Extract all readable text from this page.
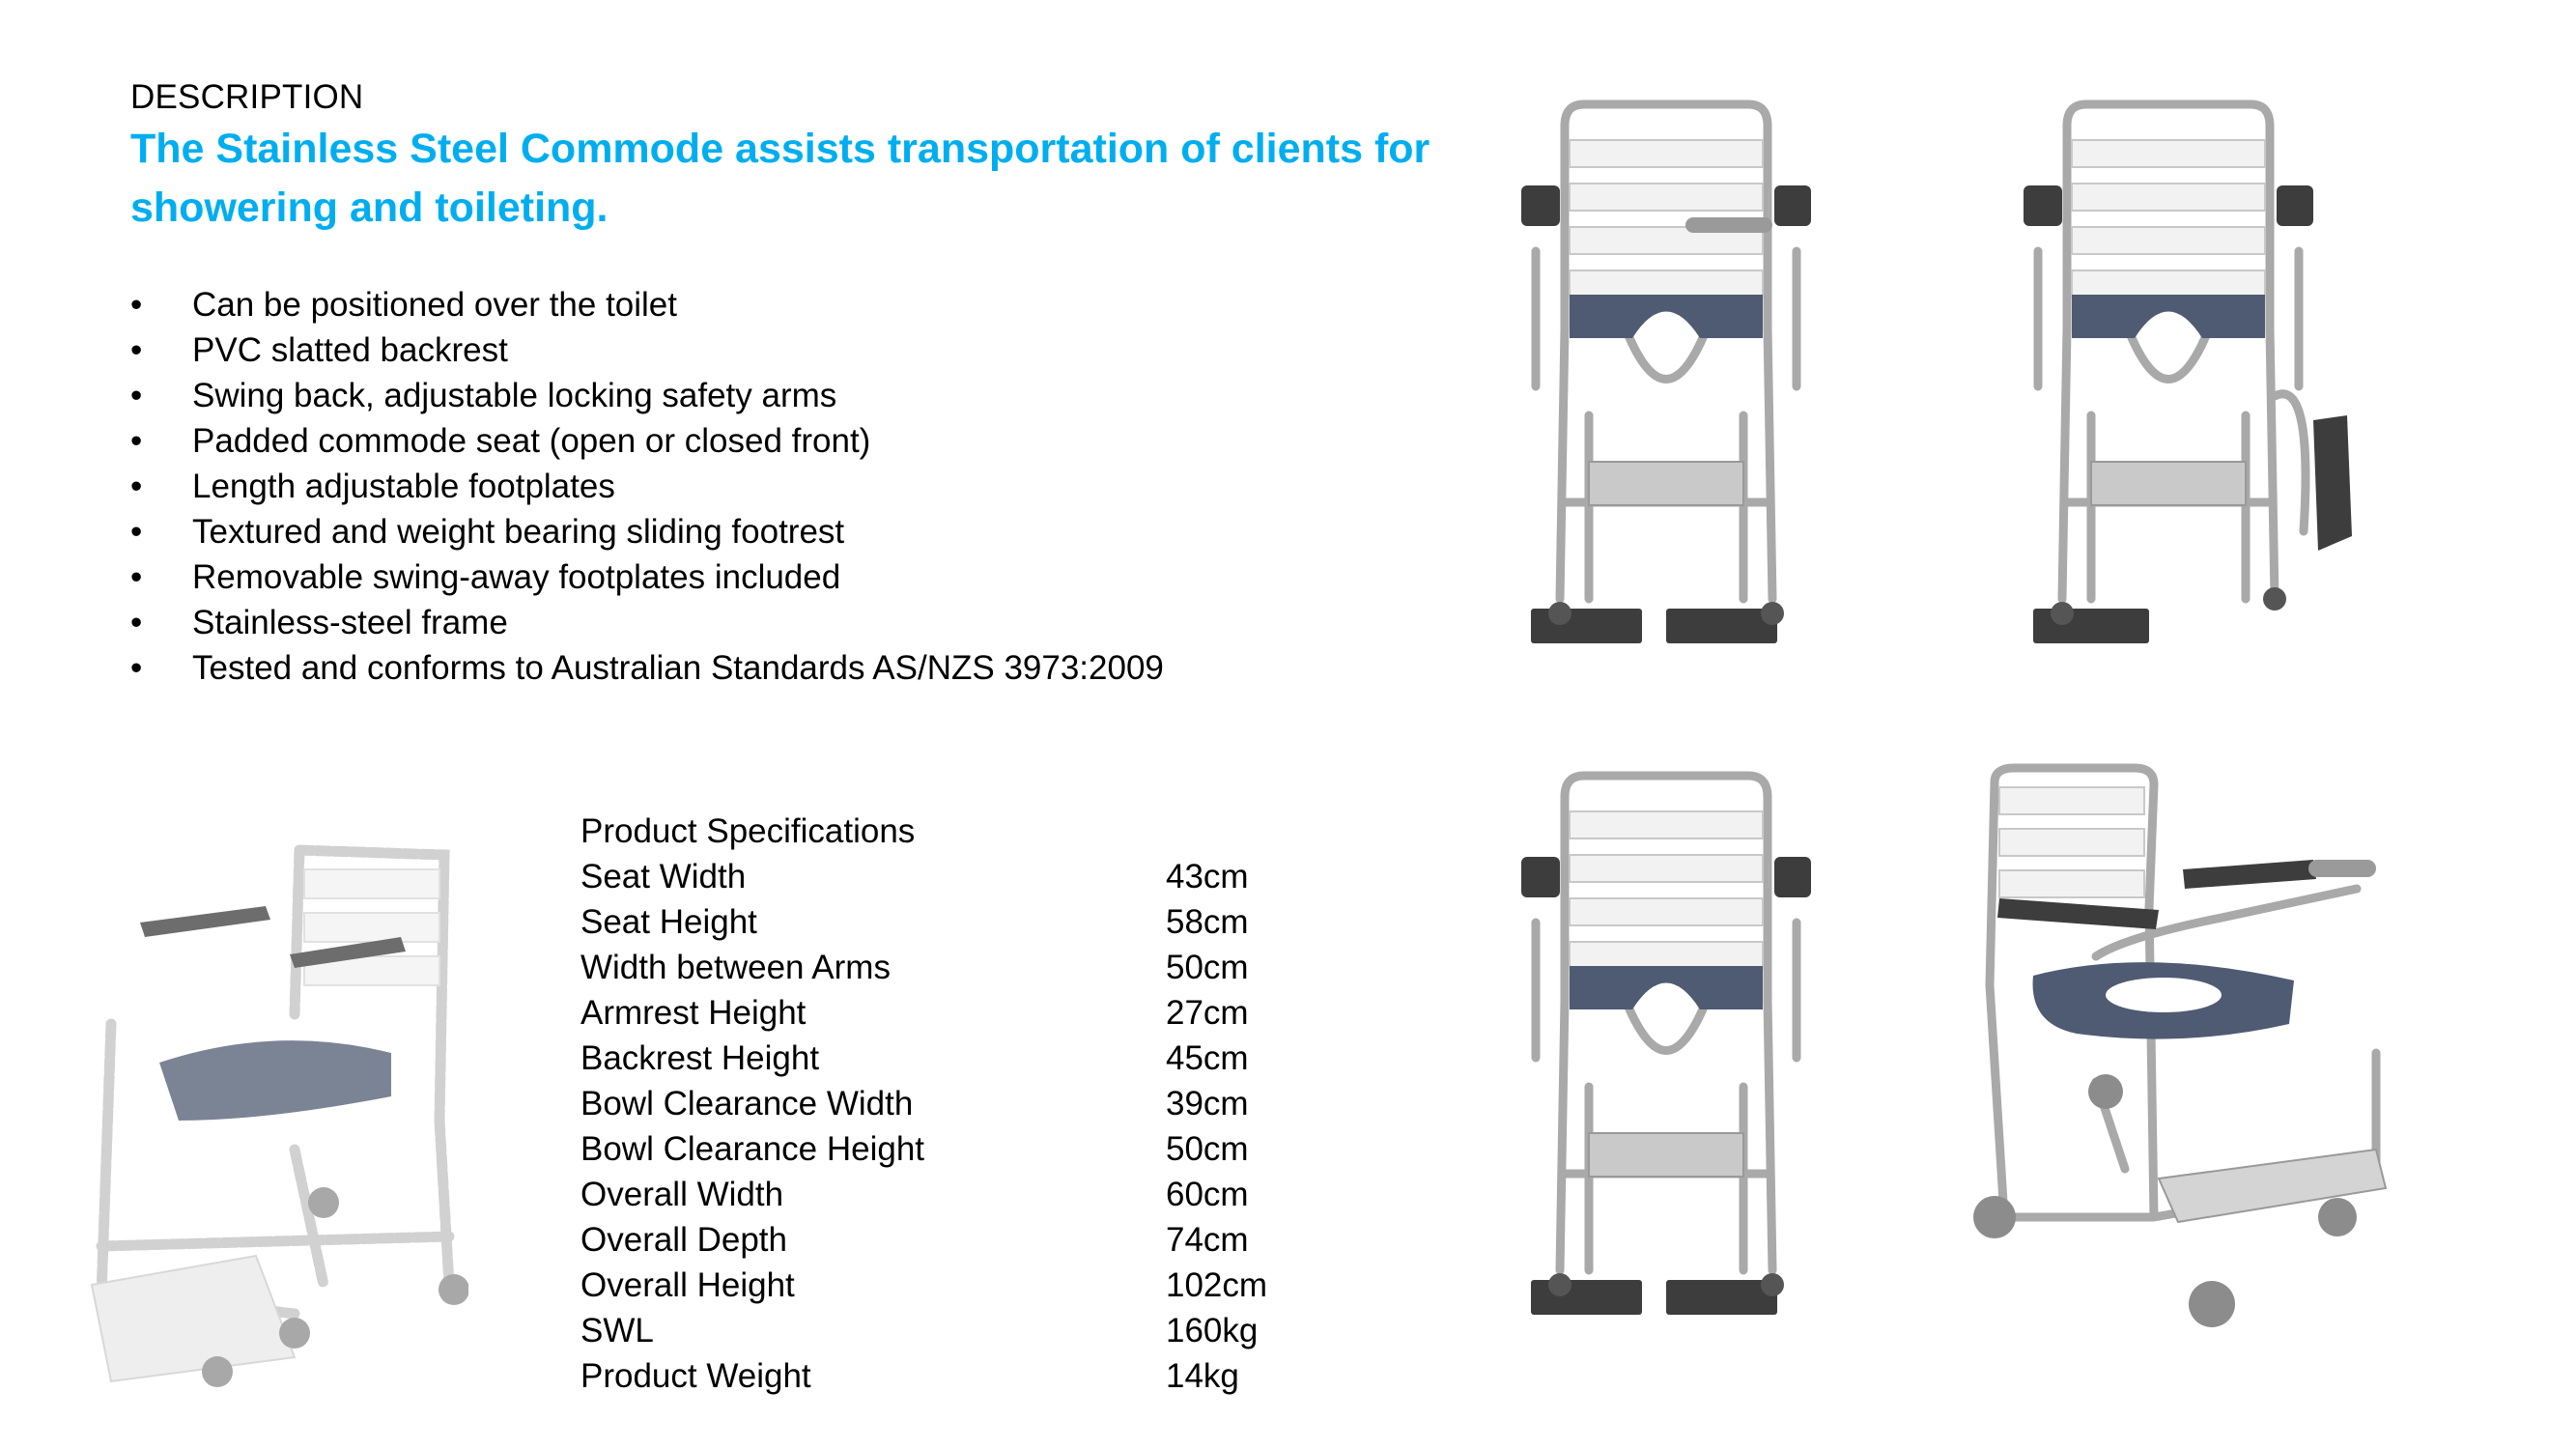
DESCRIPTION
The Stainless Steel Commode assists transportation of clients for showering and toileting.
• Can be positioned over the toilet
• PVC slatted backrest
• Swing back, adjustable locking safety arms
• Padded commode seat (open or closed front)
• Length adjustable footplates
• Textured and weight bearing sliding footrest
• Removable swing-away footplates included
• Stainless-steel frame
• Tested and conforms to Australian Standards AS/NZS 3973:2009
Product Specifications
Seat Width	43cm
Seat Height	58cm
Width between Arms	50cm
Armrest Height	27cm
Backrest Height	45cm
Bowl Clearance Width	39cm
Bowl Clearance Height	50cm
Overall Width	60cm
Overall Depth	74cm
Overall Height	102cm
SWL	160kg
Product Weight	14kg
